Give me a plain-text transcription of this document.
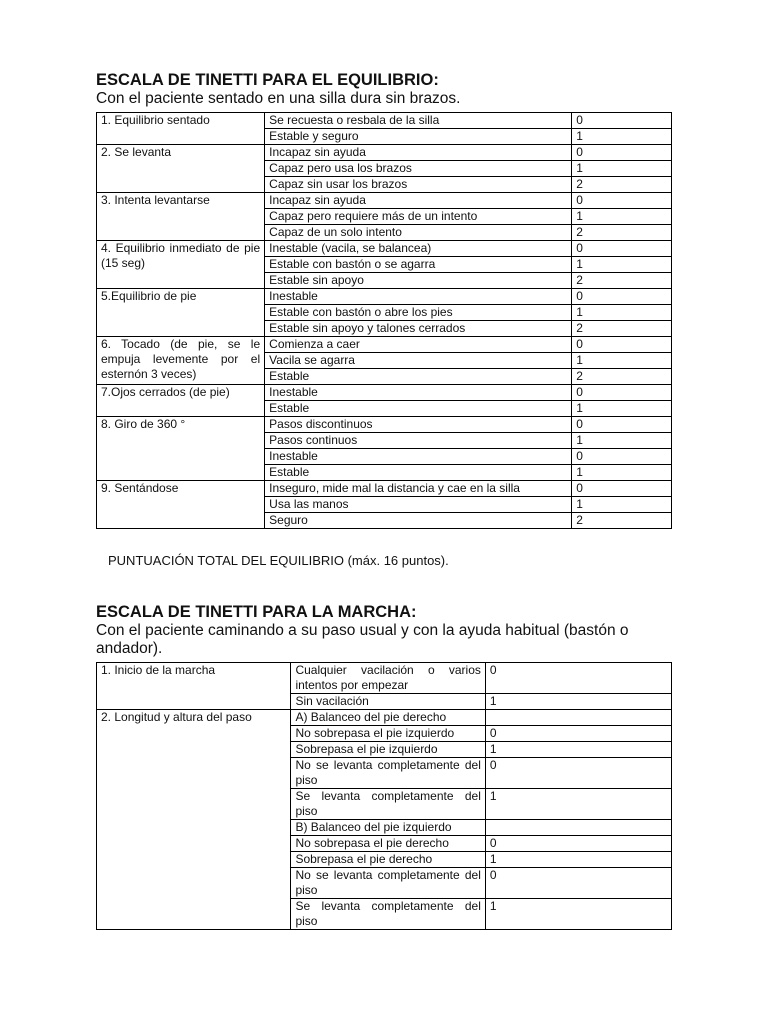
ESCALA DE TINETTI PARA EL EQUILIBRIO:

Con el paciente sentado en una silla dura sin brazos.

1. Equilibrio sentado	Se recuesta o resbala de la silla	0
	Estable y seguro	1
2. Se levanta	Incapaz sin ayuda	0
	Capaz pero usa los brazos	1
	Capaz sin usar los brazos	2
3. Intenta levantarse	Incapaz sin ayuda	0
	Capaz pero requiere más de un intento	1
	Capaz de un solo intento	2
4. Equilibrio inmediato de pie (15 seg)	Inestable (vacila, se balancea)	0
	Estable con bastón o se agarra	1
	Estable sin apoyo	2
5.Equilibrio de pie	Inestable	0
	Estable con bastón o abre los pies	1
	Estable sin apoyo y talones cerrados	2
6. Tocado (de pie, se le empuja levemente por el esternón 3 veces)	Comienza a caer	0
	Vacila se agarra	1
	Estable	2
7.Ojos cerrados (de pie)	Inestable	0
	Estable	1
8. Giro de 360 °	Pasos discontinuos	0
	Pasos continuos	1
	Inestable	0
	Estable	1
9. Sentándose	Inseguro, mide mal la distancia y cae en la silla	0
	Usa las manos	1
	Seguro	2

PUNTUACIÓN TOTAL DEL EQUILIBRIO (máx. 16 puntos).

ESCALA DE TINETTI PARA LA MARCHA:

Con el paciente caminando a su paso usual y con la ayuda habitual (bastón o andador).

1. Inicio de la marcha	Cualquier vacilación o varios intentos por empezar	0
	Sin vacilación	1
2. Longitud y altura del paso	A) Balanceo del pie derecho	
	No sobrepasa el pie izquierdo	0
	Sobrepasa el pie izquierdo	1
	No se levanta completamente del piso	0
	Se levanta completamente del piso	1
	B) Balanceo del pie izquierdo	
	No sobrepasa el pie derecho	0
	Sobrepasa el pie derecho	1
	No se levanta completamente del piso	0
	Se levanta completamente del piso	1
